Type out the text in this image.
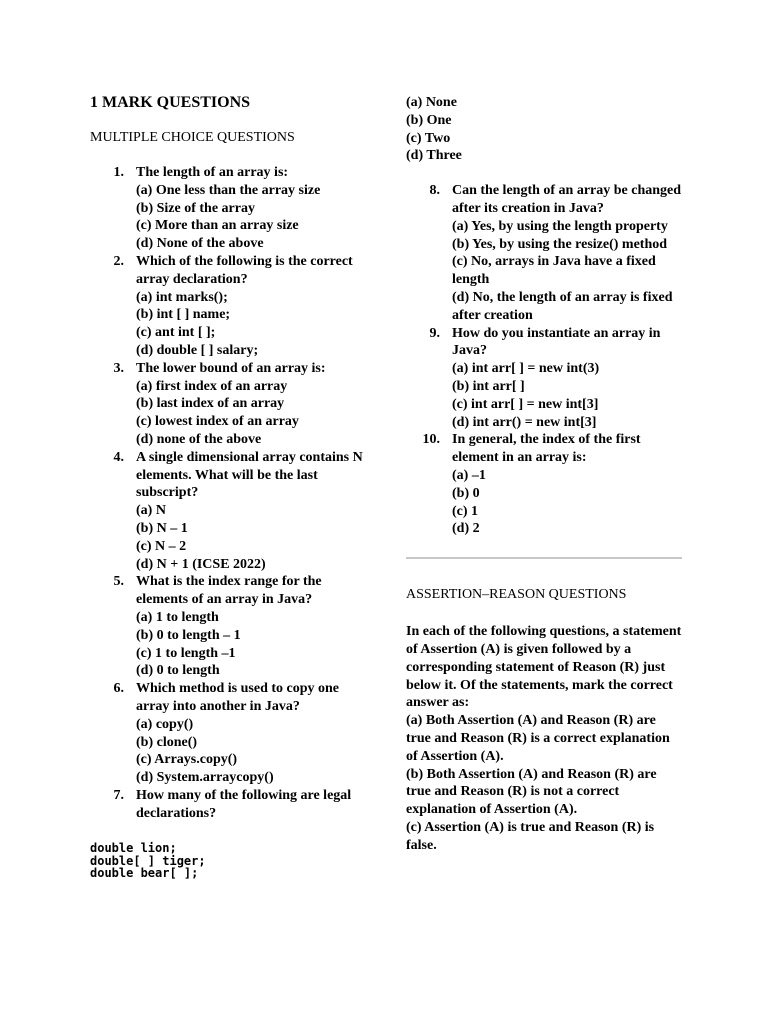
1 MARK QUESTIONS
MULTIPLE CHOICE QUESTIONS
1. The length of an array is:
(a) One less than the array size
(b) Size of the array
(c) More than an array size
(d) None of the above
2. Which of the following is the correct array declaration?
(a) int marks();
(b) int [ ] name;
(c) ant int [ ];
(d) double [ ] salary;
3. The lower bound of an array is:
(a) first index of an array
(b) last index of an array
(c) lowest index of an array
(d) none of the above
4. A single dimensional array contains N elements. What will be the last subscript?
(a) N
(b) N – 1
(c) N – 2
(d) N + 1 (ICSE 2022)
5. What is the index range for the elements of an array in Java?
(a) 1 to length
(b) 0 to length – 1
(c) 1 to length –1
(d) 0 to length
6. Which method is used to copy one array into another in Java?
(a) copy()
(b) clone()
(c) Arrays.copy()
(d) System.arraycopy()
7. How many of the following are legal declarations?
double lion;
double[ ] tiger;
double bear[ ];
(a) None
(b) One
(c) Two
(d) Three
8. Can the length of an array be changed after its creation in Java?
(a) Yes, by using the length property
(b) Yes, by using the resize() method
(c) No, arrays in Java have a fixed length
(d) No, the length of an array is fixed after creation
9. How do you instantiate an array in Java?
(a) int arr[ ] = new int(3)
(b) int arr[ ]
(c) int arr[ ] = new int[3]
(d) int arr() = new int[3]
10. In general, the index of the first element in an array is:
(a) –1
(b) 0
(c) 1
(d) 2
ASSERTION–REASON QUESTIONS
In each of the following questions, a statement of Assertion (A) is given followed by a corresponding statement of Reason (R) just below it. Of the statements, mark the correct answer as:
(a) Both Assertion (A) and Reason (R) are true and Reason (R) is a correct explanation of Assertion (A).
(b) Both Assertion (A) and Reason (R) are true and Reason (R) is not a correct explanation of Assertion (A).
(c) Assertion (A) is true and Reason (R) is false.
